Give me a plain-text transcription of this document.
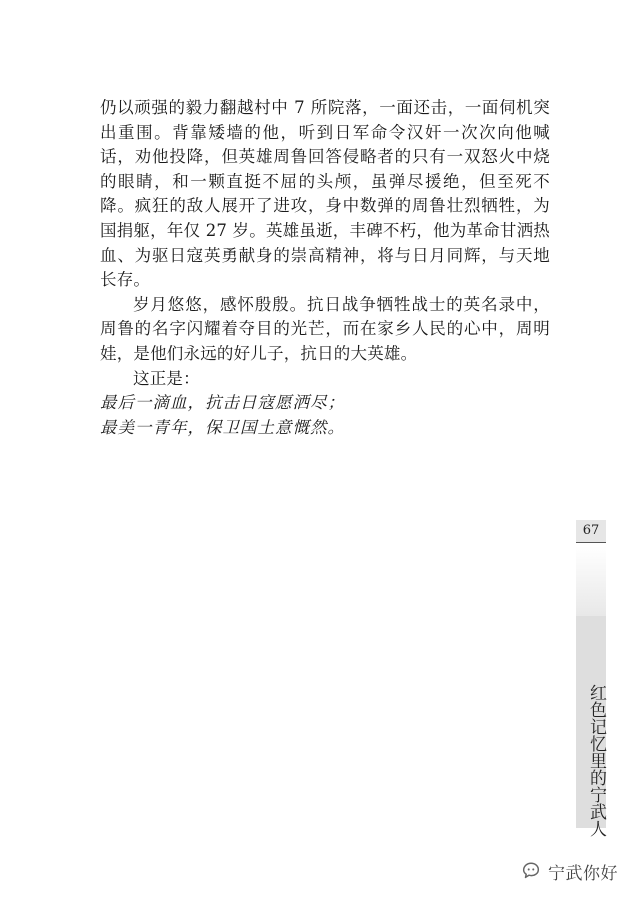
仍以顽强的毅力翻越村中 7 所院落，一面还击，一面伺机突出重围。背靠矮墙的他，听到日军命令汉奸一次次向他喊话，劝他投降，但英雄周鲁回答侵略者的只有一双怒火中烧的眼睛，和一颗直挺不屈的头颅，虽弹尽援绝，但至死不降。疯狂的敌人展开了进攻，身中数弹的周鲁壮烈牺牲，为国捐躯，年仅 27 岁。英雄虽逝，丰碑不朽，他为革命甘洒热血、为驱日寇英勇献身的崇高精神，将与日月同辉，与天地长存。

岁月悠悠，感怀殷殷。抗日战争牺牲战士的英名录中，周鲁的名字闪耀着夺目的光芒，而在家乡人民的心中，周明娃，是他们永远的好儿子，抗日的大英雄。

这正是：

最后一滴血，抗击日寇愿洒尽；

最美一青年，保卫国土意慨然。

67
红色记忆里的宁武人
宁武你好
